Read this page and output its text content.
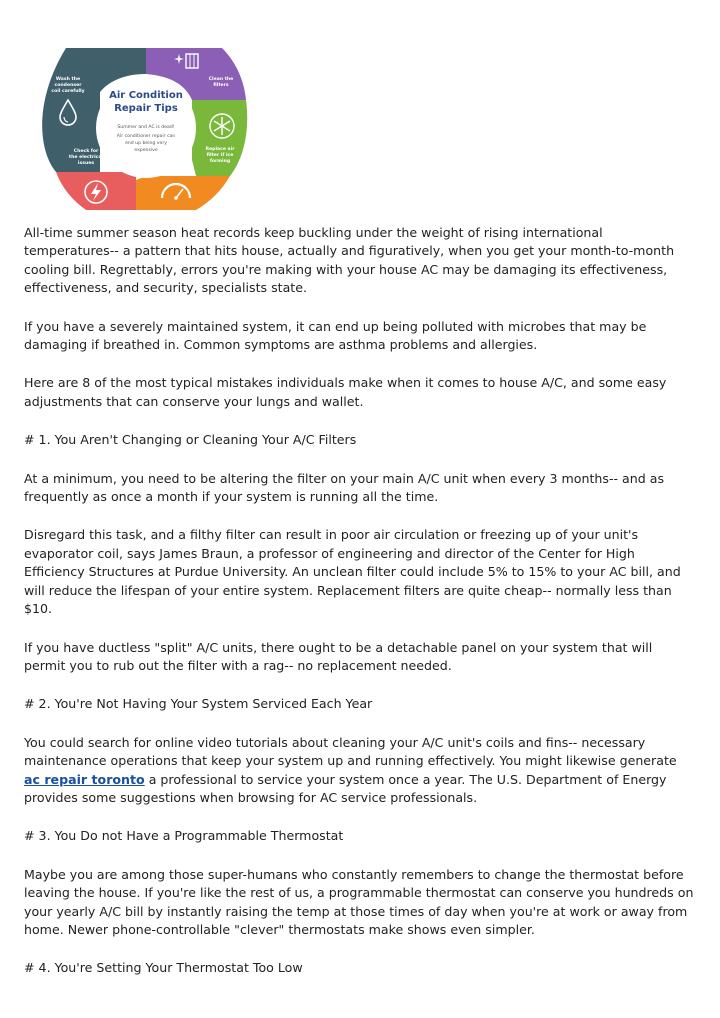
Air Condition
Repair Tips
Summer and AC is dead!
Air conditioner repair can
end up being very
expensive
Wash the
condenser
coil carefully
Clean the
filters
Replace air
filter if ice
forming
Check for
the electrical
issues

All-time summer season heat records keep buckling under the weight of rising international temperatures-- a pattern that hits house, actually and figuratively, when you get your month-to-month cooling bill. Regrettably, errors you're making with your house AC may be damaging its effectiveness, effectiveness, and security, specialists state.

If you have a severely maintained system, it can end up being polluted with microbes that may be damaging if breathed in. Common symptoms are asthma problems and allergies.

Here are 8 of the most typical mistakes individuals make when it comes to house A/C, and some easy adjustments that can conserve your lungs and wallet.

# 1. You Aren't Changing or Cleaning Your A/C Filters

At a minimum, you need to be altering the filter on your main A/C unit when every 3 months-- and as frequently as once a month if your system is running all the time.

Disregard this task, and a filthy filter can result in poor air circulation or freezing up of your unit's evaporator coil, says James Braun, a professor of engineering and director of the Center for High Efficiency Structures at Purdue University. An unclean filter could include 5% to 15% to your AC bill, and will reduce the lifespan of your entire system. Replacement filters are quite cheap-- normally less than $10.

If you have ductless "split" A/C units, there ought to be a detachable panel on your system that will permit you to rub out the filter with a rag-- no replacement needed.

# 2. You're Not Having Your System Serviced Each Year

You could search for online video tutorials about cleaning your A/C unit's coils and fins-- necessary maintenance operations that keep your system up and running effectively. You might likewise generate ac repair toronto a professional to service your system once a year. The U.S. Department of Energy provides some suggestions when browsing for AC service professionals.

# 3. You Do not Have a Programmable Thermostat

Maybe you are among those super-humans who constantly remembers to change the thermostat before leaving the house. If you're like the rest of us, a programmable thermostat can conserve you hundreds on your yearly A/C bill by instantly raising the temp at those times of day when you're at work or away from home. Newer phone-controllable "clever" thermostats make shows even simpler.

# 4. You're Setting Your Thermostat Too Low
